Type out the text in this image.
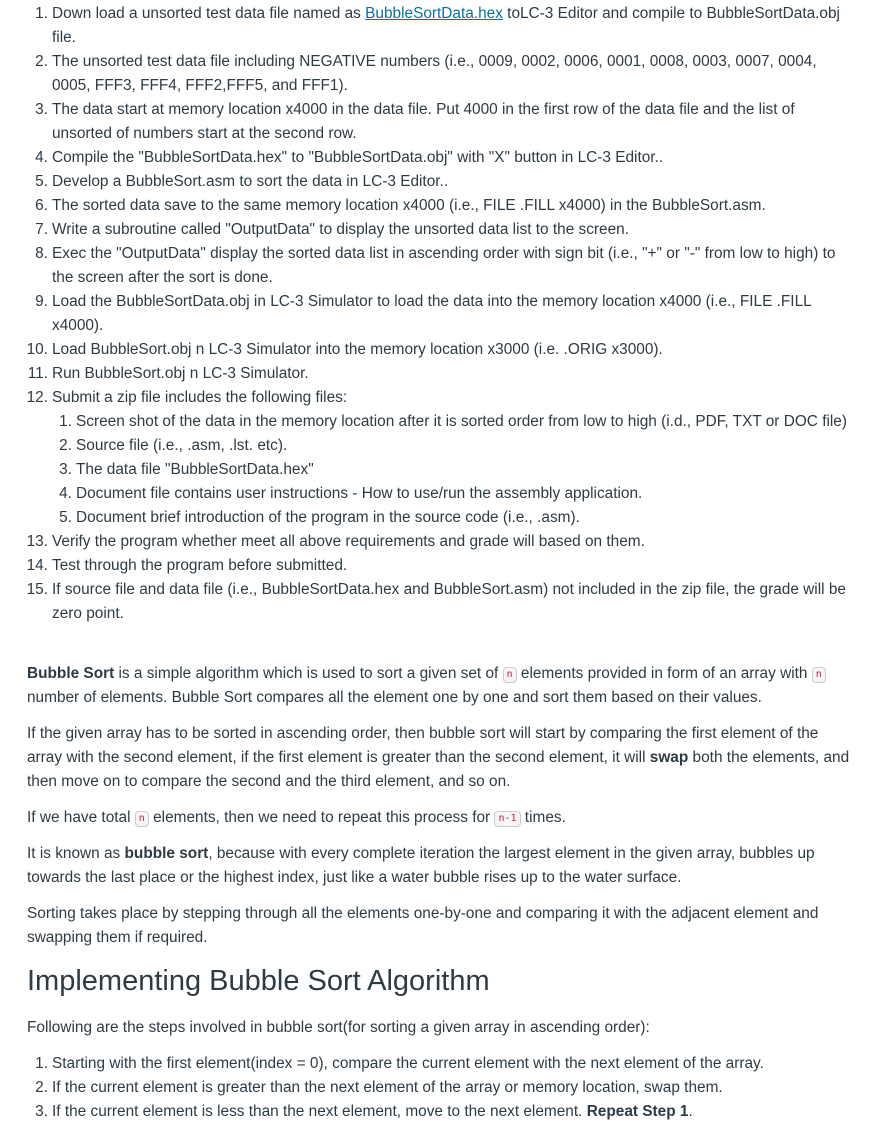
1. Down load a unsorted test data file named as BubbleSortData.hex toLC-3 Editor and compile to BubbleSortData.obj file.
2. The unsorted test data file including NEGATIVE numbers (i.e., 0009, 0002, 0006, 0001, 0008, 0003, 0007, 0004, 0005, FFF3, FFF4, FFF2,FFF5, and FFF1).
3. The data start at memory location x4000 in the data file. Put 4000 in the first row of the data file and the list of unsorted of numbers start at the second row.
4. Compile the "BubbleSortData.hex" to "BubbleSortData.obj" with "X" button in LC-3 Editor..
5. Develop a BubbleSort.asm to sort the data in LC-3 Editor..
6. The sorted data save to the same memory location x4000 (i.e., FILE .FILL x4000) in the BubbleSort.asm.
7. Write a subroutine called "OutputData" to display the unsorted data list to the screen.
8. Exec the "OutputData" display the sorted data list in ascending order with sign bit (i.e., "+" or "-" from low to high) to the screen after the sort is done.
9. Load the BubbleSortData.obj in LC-3 Simulator to load the data into the memory location x4000 (i.e., FILE .FILL x4000).
10. Load BubbleSort.obj n LC-3 Simulator into the memory location x3000 (i.e. .ORIG x3000).
11. Run BubbleSort.obj n LC-3 Simulator.
12. Submit a zip file includes the following files:
1. Screen shot of the data in the memory location after it is sorted order from low to high (i.d., PDF, TXT or DOC file)
2. Source file (i.e., .asm, .lst. etc).
3. The data file "BubbleSortData.hex"
4. Document file contains user instructions - How to use/run the assembly application.
5. Document brief introduction of the program in the source code (i.e., .asm).
13. Verify the program whether meet all above requirements and grade will based on them.
14. Test through the program before submitted.
15. If source file and data file (i.e., BubbleSortData.hex and BubbleSort.asm) not included in the zip file, the grade will be zero point.

Bubble Sort is a simple algorithm which is used to sort a given set of n elements provided in form of an array with n number of elements. Bubble Sort compares all the element one by one and sort them based on their values.

If the given array has to be sorted in ascending order, then bubble sort will start by comparing the first element of the array with the second element, if the first element is greater than the second element, it will swap both the elements, and then move on to compare the second and the third element, and so on.

If we have total n elements, then we need to repeat this process for n-1 times.

It is known as bubble sort, because with every complete iteration the largest element in the given array, bubbles up towards the last place or the highest index, just like a water bubble rises up to the water surface.

Sorting takes place by stepping through all the elements one-by-one and comparing it with the adjacent element and swapping them if required.

Implementing Bubble Sort Algorithm

Following are the steps involved in bubble sort(for sorting a given array in ascending order):

1. Starting with the first element(index = 0), compare the current element with the next element of the array.
2. If the current element is greater than the next element of the array or memory location, swap them.
3. If the current element is less than the next element, move to the next element. Repeat Step 1.
